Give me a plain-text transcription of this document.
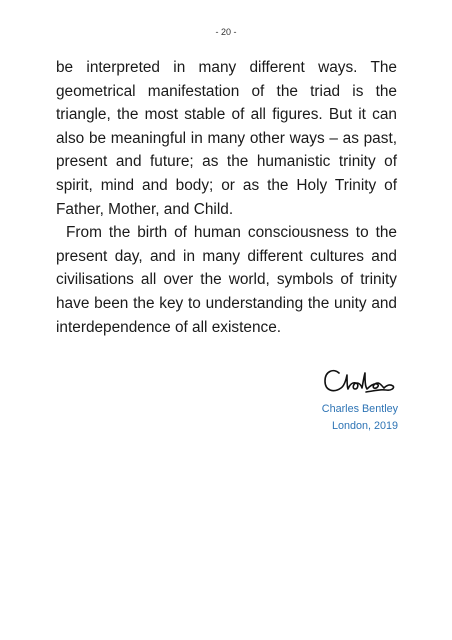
- 20 -

be interpreted in many different ways. The geometrical manifestation of the triad is the triangle, the most stable of all figures. But it can also be meaningful in many other ways – as past, present and future; as the humanistic trinity of spirit, mind and body; or as the Holy Trinity of Father, Mother, and Child.

From the birth of human consciousness to the present day, and in many different cultures and civilisations all over the world, symbols of trinity have been the key to understanding the unity and interdependence of all existence.

Charles Bentley
London, 2019
